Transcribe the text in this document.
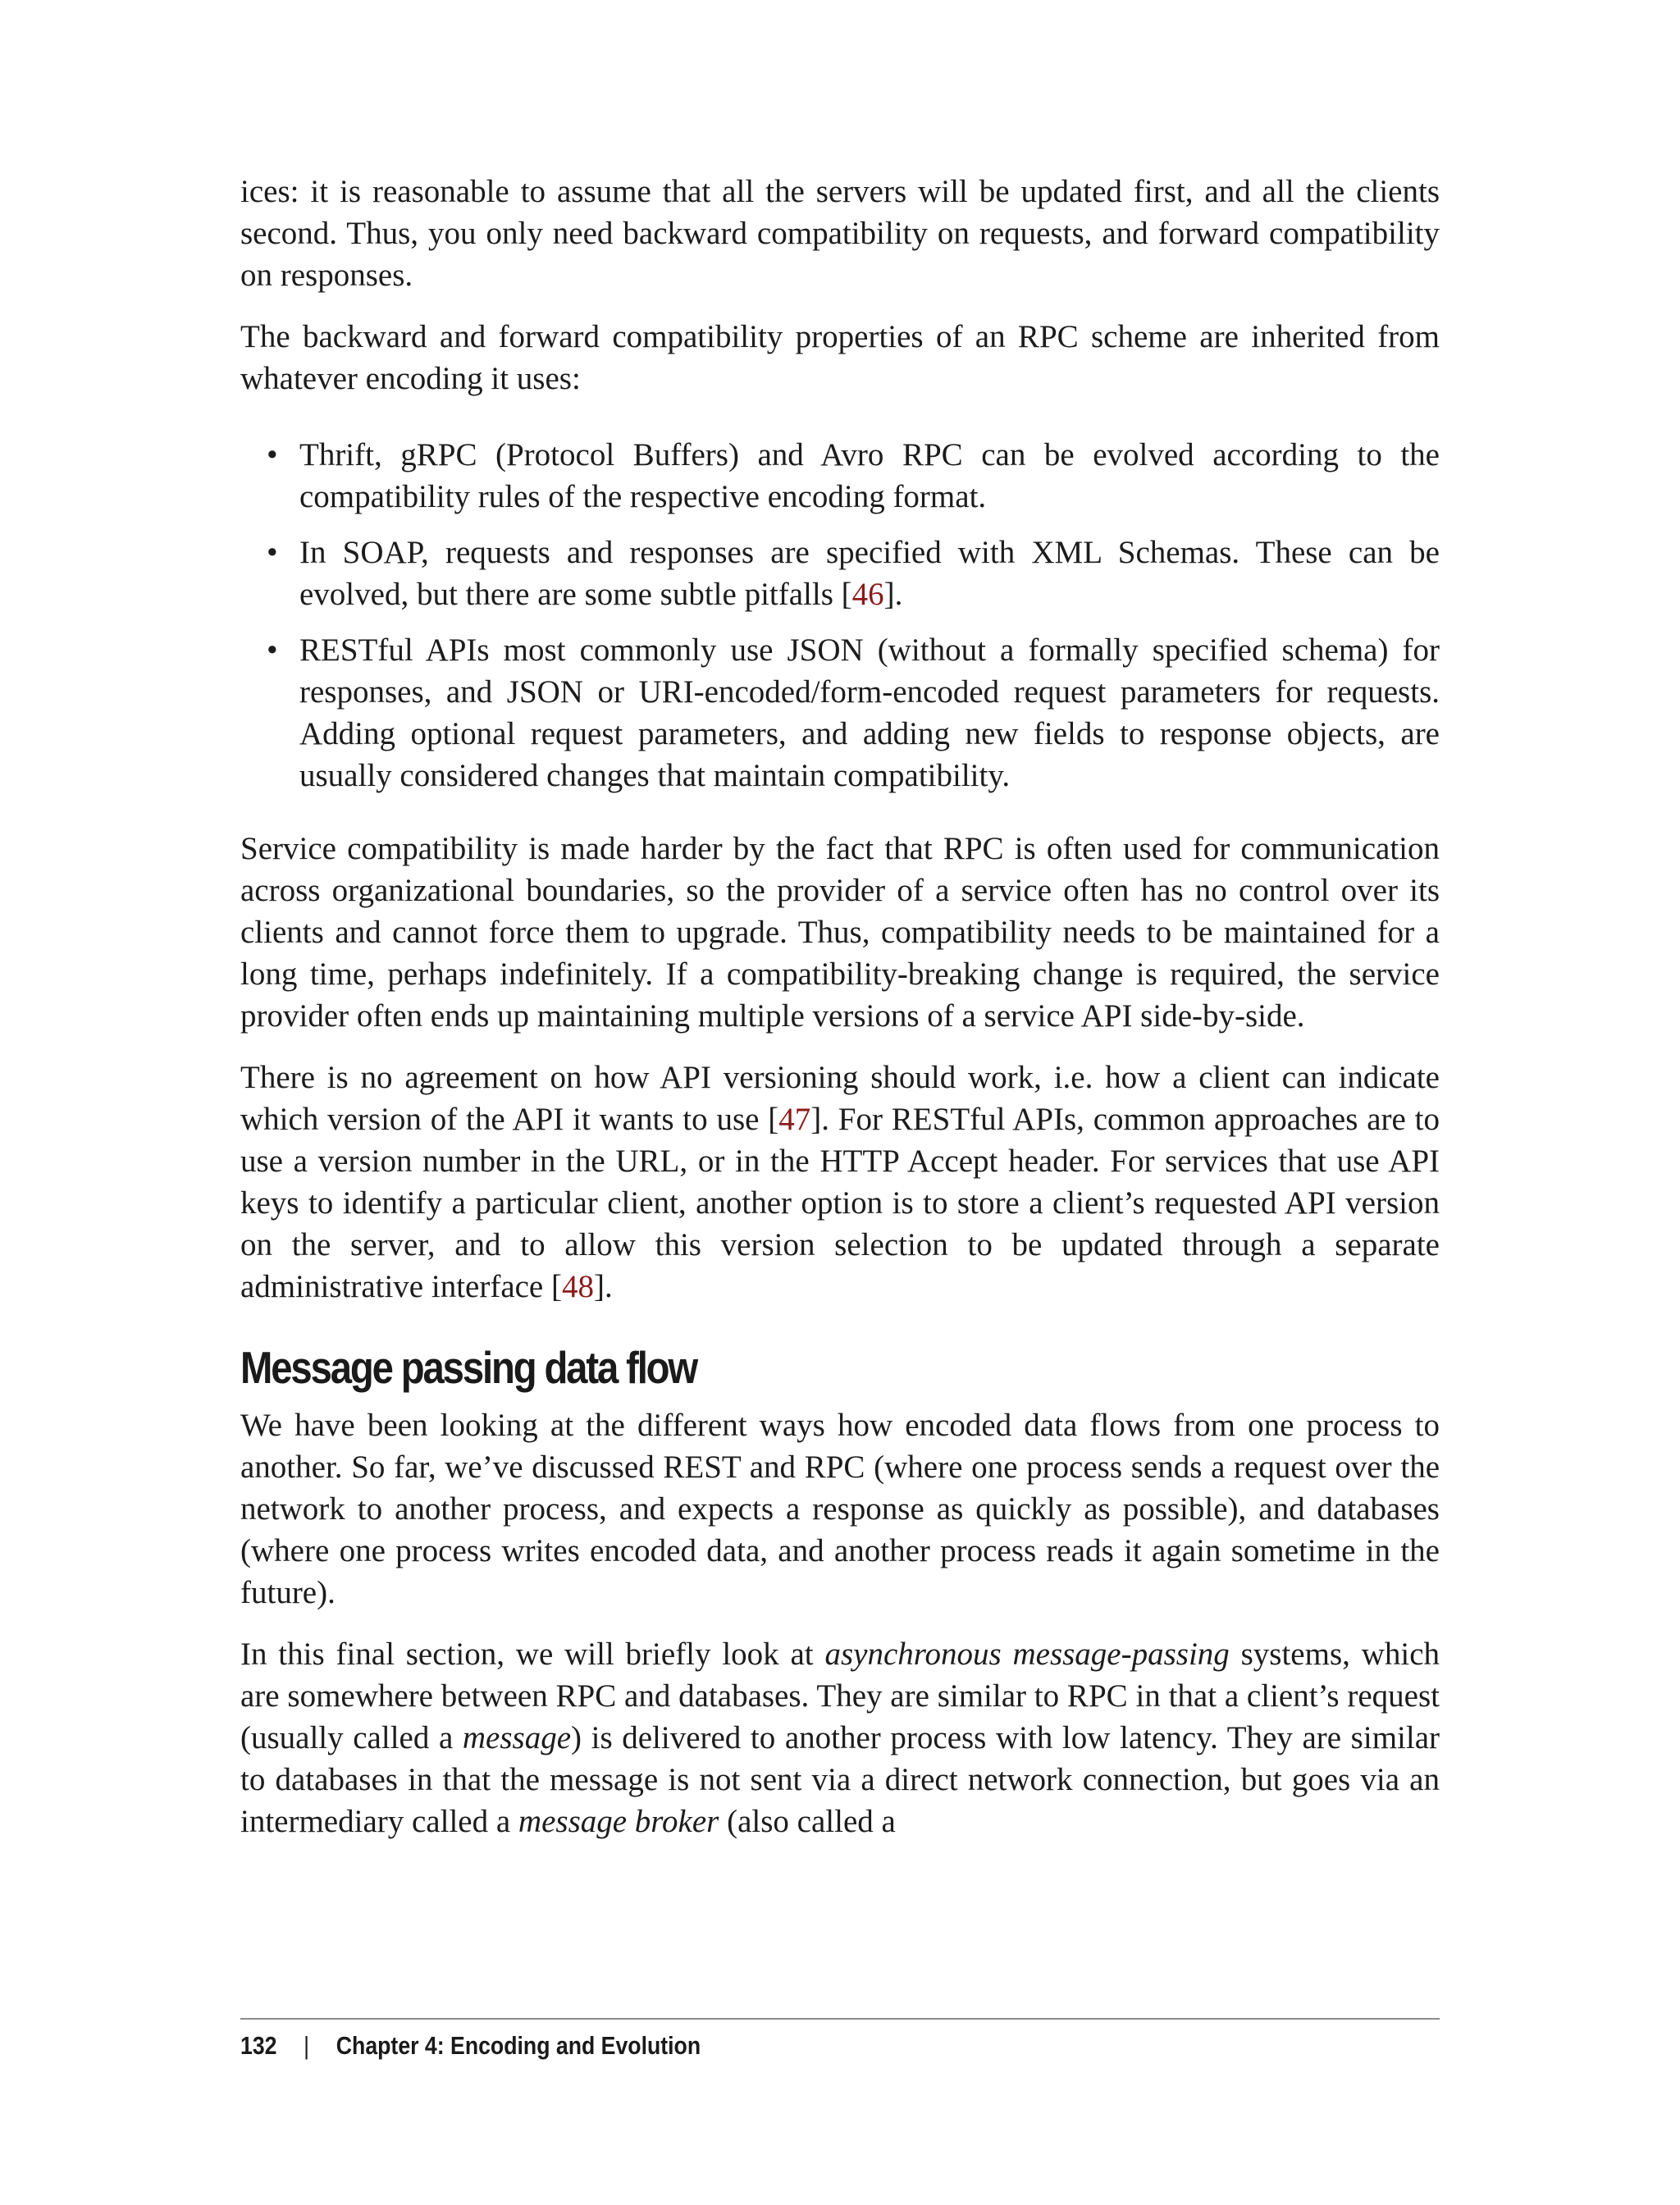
ices: it is reasonable to assume that all the servers will be updated first, and all the clients second. Thus, you only need backward compatibility on requests, and forward compatibility on responses.

The backward and forward compatibility properties of an RPC scheme are inherited from whatever encoding it uses:

• Thrift, gRPC (Protocol Buffers) and Avro RPC can be evolved according to the compatibility rules of the respective encoding format.
• In SOAP, requests and responses are specified with XML Schemas. These can be evolved, but there are some subtle pitfalls [46].
• RESTful APIs most commonly use JSON (without a formally specified schema) for responses, and JSON or URI-encoded/form-encoded request parameters for requests. Adding optional request parameters, and adding new fields to response objects, are usually considered changes that maintain compatibility.

Service compatibility is made harder by the fact that RPC is often used for communication across organizational boundaries, so the provider of a service often has no control over its clients and cannot force them to upgrade. Thus, compatibility needs to be maintained for a long time, perhaps indefinitely. If a compatibility-breaking change is required, the service provider often ends up maintaining multiple versions of a service API side-by-side.

There is no agreement on how API versioning should work, i.e. how a client can indicate which version of the API it wants to use [47]. For RESTful APIs, common approaches are to use a version number in the URL, or in the HTTP Accept header. For services that use API keys to identify a particular client, another option is to store a client’s requested API version on the server, and to allow this version selection to be updated through a separate administrative interface [48].

Message passing data flow

We have been looking at the different ways how encoded data flows from one process to another. So far, we’ve discussed REST and RPC (where one process sends a request over the network to another process, and expects a response as quickly as possible), and databases (where one process writes encoded data, and another process reads it again sometime in the future).

In this final section, we will briefly look at asynchronous message-passing systems, which are somewhere between RPC and databases. They are similar to RPC in that a client’s request (usually called a message) is delivered to another process with low latency. They are similar to databases in that the message is not sent via a direct network connection, but goes via an intermediary called a message broker (also called a

132 | Chapter 4: Encoding and Evolution
